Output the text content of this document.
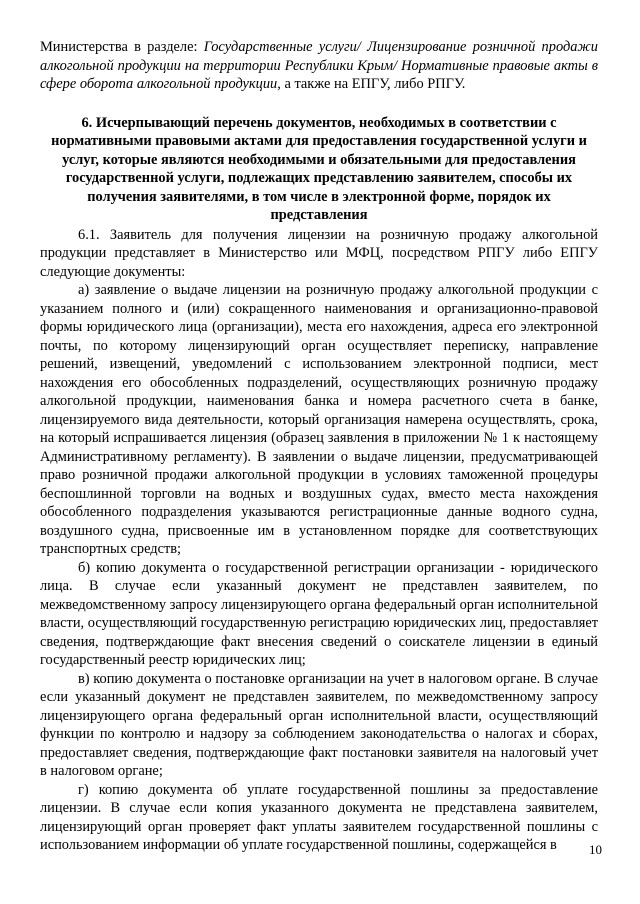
Министерства в разделе: Государственные услуги/ Лицензирование розничной продажи алкогольной продукции на территории Республики Крым/ Нормативные правовые акты в сфере оборота алкогольной продукции, а также на ЕПГУ, либо РПГУ.

6. Исчерпывающий перечень документов, необходимых в соответствии с нормативными правовыми актами для предоставления государственной услуги и услуг, которые являются необходимыми и обязательными для предоставления государственной услуги, подлежащих представлению заявителем, способы их получения заявителями, в том числе в электронной форме, порядок их представления

6.1. Заявитель для получения лицензии на розничную продажу алкогольной продукции представляет в Министерство или МФЦ, посредством РПГУ либо ЕПГУ следующие документы:

а) заявление о выдаче лицензии на розничную продажу алкогольной продукции с указанием полного и (или) сокращенного наименования и организационно-правовой формы юридического лица (организации), места его нахождения, адреса его электронной почты, по которому лицензирующий орган осуществляет переписку, направление решений, извещений, уведомлений с использованием электронной подписи, мест нахождения его обособленных подразделений, осуществляющих розничную продажу алкогольной продукции, наименования банка и номера расчетного счета в банке, лицензируемого вида деятельности, который организация намерена осуществлять, срока, на который испрашивается лицензия (образец заявления в приложении № 1 к настоящему Административному регламенту). В заявлении о выдаче лицензии, предусматривающей право розничной продажи алкогольной продукции в условиях таможенной процедуры беспошлинной торговли на водных и воздушных судах, вместо места нахождения обособленного подразделения указываются регистрационные данные водного судна, воздушного судна, присвоенные им в установленном порядке для соответствующих транспортных средств;

б) копию документа о государственной регистрации организации - юридического лица. В случае если указанный документ не представлен заявителем, по межведомственному запросу лицензирующего органа федеральный орган исполнительной власти, осуществляющий государственную регистрацию юридических лиц, предоставляет сведения, подтверждающие факт внесения сведений о соискателе лицензии в единый государственный реестр юридических лиц;

в) копию документа о постановке организации на учет в налоговом органе. В случае если указанный документ не представлен заявителем, по межведомственному запросу лицензирующего органа федеральный орган исполнительной власти, осуществляющий функции по контролю и надзору за соблюдением законодательства о налогах и сборах, предоставляет сведения, подтверждающие факт постановки заявителя на налоговый учет в налоговом органе;

г) копию документа об уплате государственной пошлины за предоставление лицензии. В случае если копия указанного документа не представлена заявителем, лицензирующий орган проверяет факт уплаты заявителем государственной пошлины с использованием информации об уплате государственной пошлины, содержащейся в	10
